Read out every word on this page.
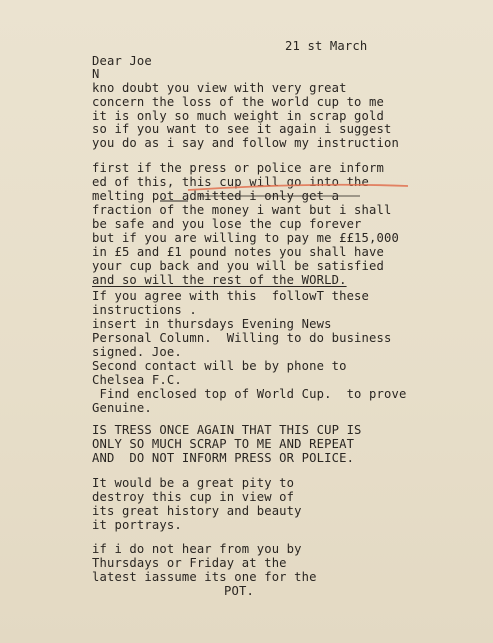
21 st March
Dear Joe
N
kno doubt you view with very great
concern the loss of the world cup to me
it is only so much weight in scrap gold
so if you want to see it again i suggest
you do as i say and follow my instruction
first if the press or police are inform
ed of this, this cup will go into the
melting pot admitted i only get a
fraction of the money i want but i shall
be safe and you lose the cup forever
but if you are willing to pay me ££15,000
in £5 and £1 pound notes you shall have
your cup back and you will be satisfied
and so will the rest of the WORLD.
If you agree with this  followT these
instructions .
insert in thursdays Evening News
Personal Column.  Willing to do business
signed. Joe.
Second contact will be by phone to
Chelsea F.C.
Find enclosed top of World Cup.  to prove
Genuine.
IS TRESS ONCE AGAIN THAT THIS CUP IS
ONLY SO MUCH SCRAP TO ME AND REPEAT
AND  DO NOT INFORM PRESS OR POLICE.
It would be a great pity to
destroy this cup in view of
its great history and beauty
it portrays.
if i do not hear from you by
Thursdays or Friday at the
latest iassume its one for the
POT.
